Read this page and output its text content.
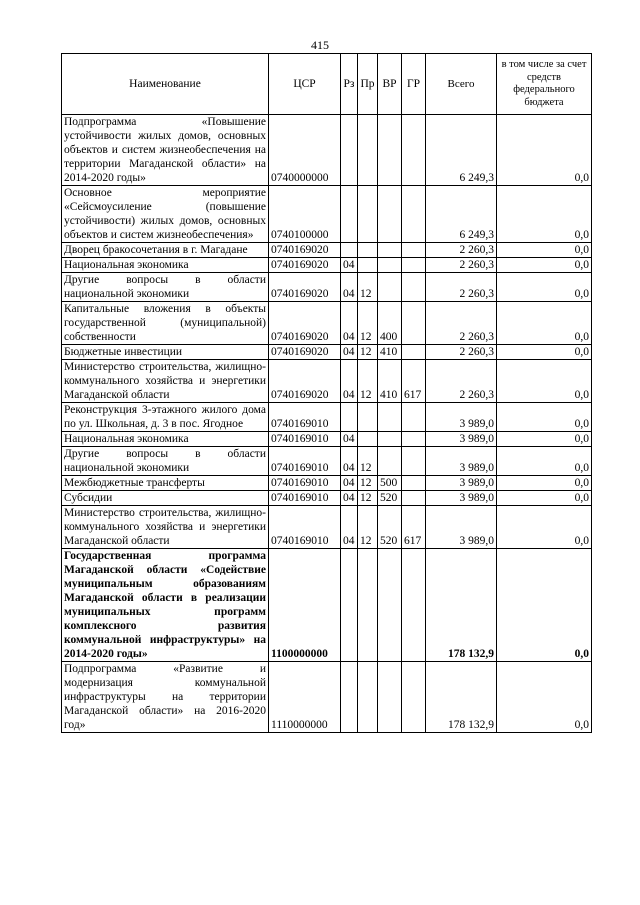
415
Наименование	ЦСР	Рз	Пр	ВР	ГР	Всего	в том числе за счет средств федерального бюджета
Подпрограмма «Повышение устойчивости жилых домов, основных объектов и систем жизнеобеспечения на территории Магаданской области» на 2014-2020 годы»	0740000000					6 249,3	0,0
Основное мероприятие «Сейсмоусиление (повышение устойчивости) жилых домов, основных объектов и систем жизнеобеспечения»	0740100000					6 249,3	0,0
Дворец бракосочетания в г. Магадане	0740169020					2 260,3	0,0
Национальная экономика	0740169020	04				2 260,3	0,0
Другие вопросы в области национальной экономики	0740169020	04	12			2 260,3	0,0
Капитальные вложения в объекты государственной (муниципальной) собственности	0740169020	04	12	400		2 260,3	0,0
Бюджетные инвестиции	0740169020	04	12	410		2 260,3	0,0
Министерство строительства, жилищно-коммунального хозяйства и энергетики Магаданской области	0740169020	04	12	410	617	2 260,3	0,0
Реконструкция 3-этажного жилого дома по ул. Школьная, д. 3 в пос. Ягодное	0740169010					3 989,0	0,0
Национальная экономика	0740169010	04				3 989,0	0,0
Другие вопросы в области национальной экономики	0740169010	04	12			3 989,0	0,0
Межбюджетные трансферты	0740169010	04	12	500		3 989,0	0,0
Субсидии	0740169010	04	12	520		3 989,0	0,0
Министерство строительства, жилищно-коммунального хозяйства и энергетики Магаданской области	0740169010	04	12	520	617	3 989,0	0,0
Государственная программа Магаданской области «Содействие муниципальным образованиям Магаданской области в реализации муниципальных программ комплексного развития коммунальной инфраструктуры» на 2014-2020 годы»	1100000000					178 132,9	0,0
Подпрограмма «Развитие и модернизация коммунальной инфраструктуры на территории Магаданской области» на 2016-2020 год»	1110000000					178 132,9	0,0
